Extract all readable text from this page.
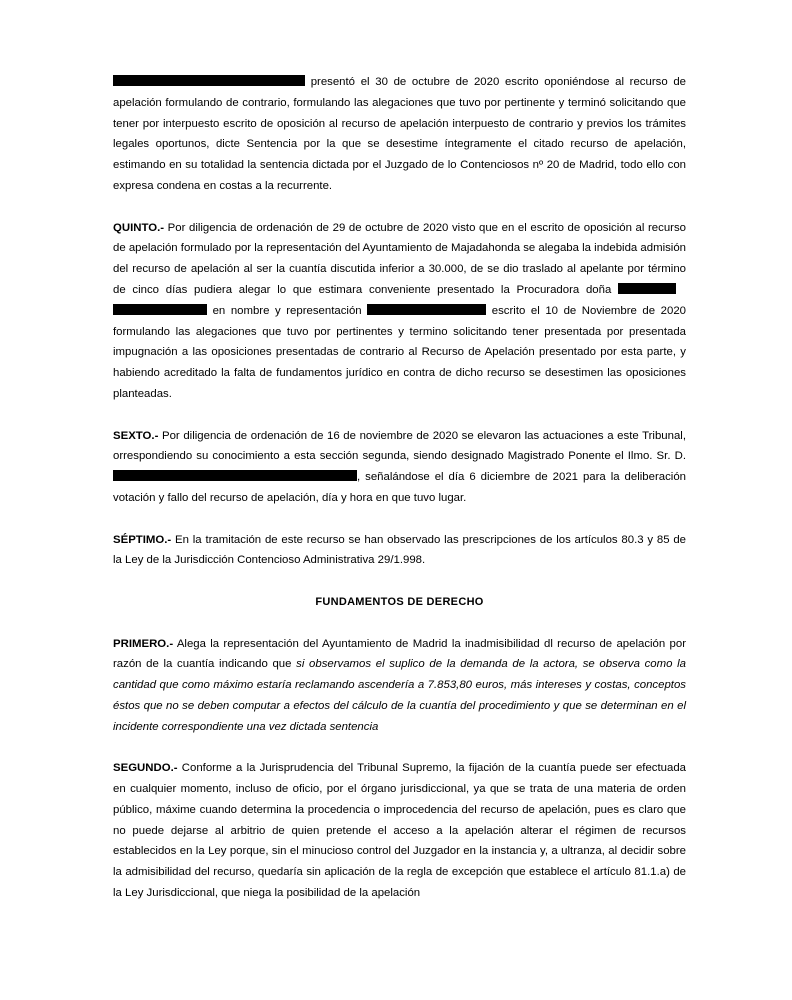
presentó el 30 de octubre de 2020 escrito oponiéndose al recurso de apelación formulando de contrario, formulando las alegaciones que tuvo por pertinente y terminó solicitando que tener por interpuesto escrito de oposición al recurso de apelación interpuesto de contrario y previos los trámites legales oportunos, dicte Sentencia por la que se desestime íntegramente el citado recurso de apelación, estimando en su totalidad la sentencia dictada por el Juzgado de lo Contenciosos nº 20 de Madrid, todo ello con expresa condena en costas a la recurrente.

QUINTO.- Por diligencia de ordenación de 29 de octubre de 2020 visto que en el escrito de oposición al recurso de apelación formulado por la representación del Ayuntamiento de Majadahonda se alegaba la indebida admisión del recurso de apelación al ser la cuantía discutida inferior a 30.000, de se dio traslado al apelante por término de cinco días pudiera alegar lo que estimara conveniente presentado la Procuradora doña    en nombre y representación	escrito el 10 de Noviembre de 2020 formulando las alegaciones que tuvo por pertinentes y termino solicitando tener presentada por presentada impugnación a las oposiciones presentadas de contrario al Recurso de Apelación presentado por esta parte, y habiendo acreditado la falta de fundamentos jurídico en contra de dicho recurso se desestimen las oposiciones planteadas.

SEXTO.- Por diligencia de ordenación de 16 de noviembre de 2020 se elevaron las actuaciones a este Tribunal, orrespondiendo su conocimiento a esta sección segunda, siendo designado Magistrado Ponente el Ilmo. Sr. D. , señalándose el día 6 diciembre de 2021 para la deliberación votación y fallo del recurso de apelación, día y hora en que tuvo lugar.

SÉPTIMO.- En la tramitación de este recurso se han observado las prescripciones de los artículos 80.3 y 85 de la Ley de la Jurisdicción Contencioso Administrativa 29/1.998.

FUNDAMENTOS DE DERECHO

PRIMERO.- Alega la representación del Ayuntamiento de Madrid la inadmisibilidad dl recurso de apelación por razón de la cuantía indicando que si observamos el suplico de la demanda de la actora, se observa como la cantidad que como máximo estaría reclamando ascendería a 7.853,80 euros, más intereses y costas, conceptos éstos que no se deben computar a efectos del cálculo de la cuantía del procedimiento y que se determinan en el incidente correspondiente una vez dictada sentencia

SEGUNDO.- Conforme a la Jurisprudencia del Tribunal Supremo, la fijación de la cuantía puede ser efectuada en cualquier momento, incluso de oficio, por el órgano jurisdiccional, ya que se trata de una materia de orden público, máxime cuando determina la procedencia o improcedencia del recurso de apelación, pues es claro que no puede dejarse al arbitrio de quien pretende el acceso a la apelación alterar el régimen de recursos establecidos en la Ley porque, sin el minucioso control del Juzgador en la instancia y, a ultranza, al decidir sobre la admisibilidad del recurso, quedaría sin aplicación de la regla de excepción que establece el artículo 81.1.a) de la Ley Jurisdiccional, que niega la posibilidad de la apelación
